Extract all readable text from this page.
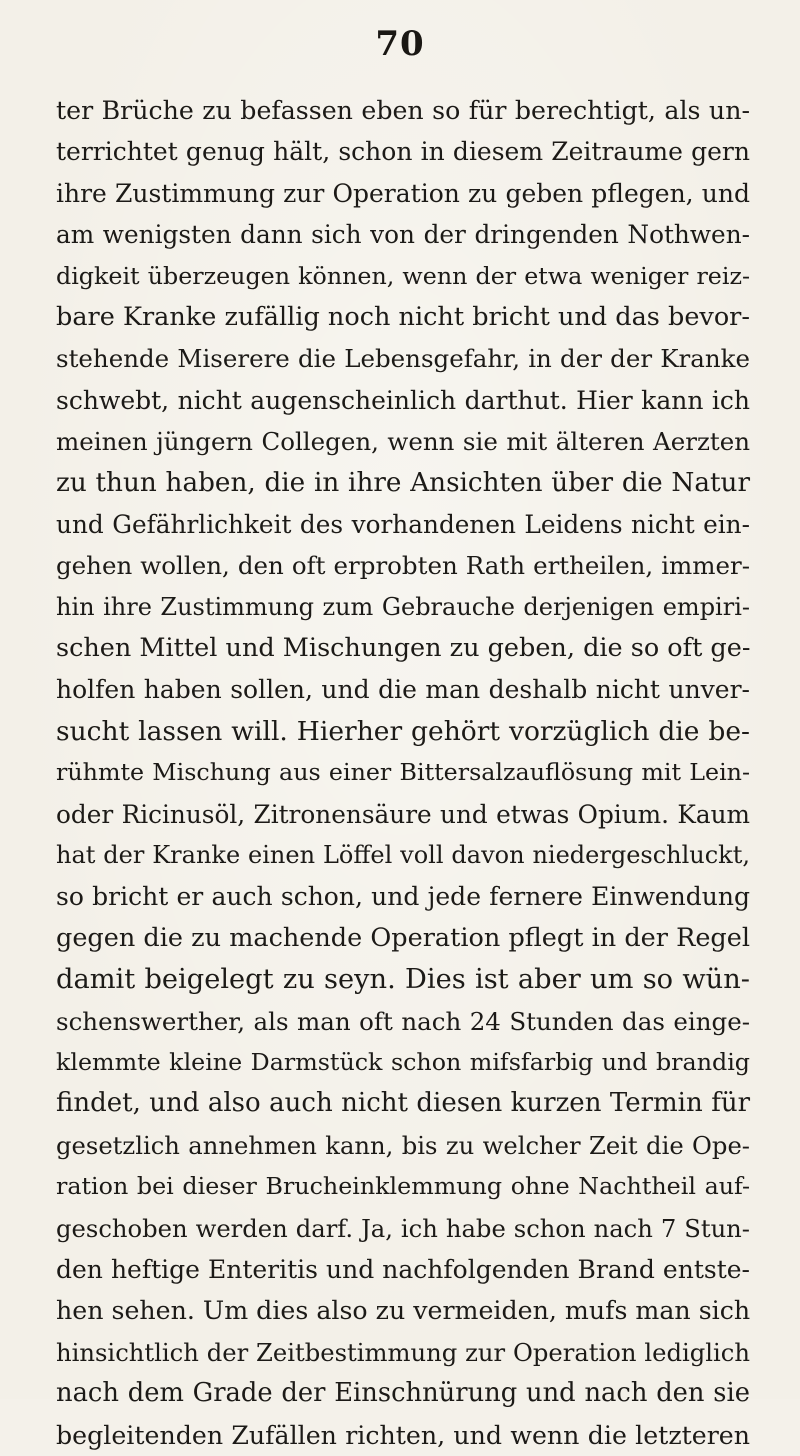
70
ter Brüche zu befassen eben so für berechtigt, als un-
terrichtet genug hält, schon in diesem Zeitraume gern
ihre Zustimmung zur Operation zu geben pflegen, und
am wenigsten dann sich von der dringenden Nothwen-
digkeit überzeugen können, wenn der etwa weniger reiz-
bare Kranke zufällig noch nicht bricht und das bevor-
stehende Miserere die Lebensgefahr, in der der Kranke
schwebt, nicht augenscheinlich darthut. Hier kann ich
meinen jüngern Collegen, wenn sie mit älteren Aerzten
zu thun haben, die in ihre Ansichten über die Natur
und Gefährlichkeit des vorhandenen Leidens nicht ein-
gehen wollen, den oft erprobten Rath ertheilen, immer-
hin ihre Zustimmung zum Gebrauche derjenigen empiri-
schen Mittel und Mischungen zu geben, die so oft ge-
holfen haben sollen, und die man deshalb nicht unver-
sucht lassen will. Hierher gehört vorzüglich die be-
rühmte Mischung aus einer Bittersalzauflösung mit Lein-
oder Ricinusöl, Zitronensäure und etwas Opium. Kaum
hat der Kranke einen Löffel voll davon niedergeschluckt,
so bricht er auch schon, und jede fernere Einwendung
gegen die zu machende Operation pflegt in der Regel
damit beigelegt zu seyn. Dies ist aber um so wün-
schenswerther, als man oft nach 24 Stunden das einge-
klemmte kleine Darmstück schon mifsfarbig und brandig
findet, und also auch nicht diesen kurzen Termin für
gesetzlich annehmen kann, bis zu welcher Zeit die Ope-
ration bei dieser Brucheinklemmung ohne Nachtheil auf-
geschoben werden darf. Ja, ich habe schon nach 7 Stun-
den heftige Enteritis und nachfolgenden Brand entste-
hen sehen. Um dies also zu vermeiden, mufs man sich
hinsichtlich der Zeitbestimmung zur Operation lediglich
nach dem Grade der Einschnürung und nach den sie
begleitenden Zufällen richten, und wenn die letzteren
